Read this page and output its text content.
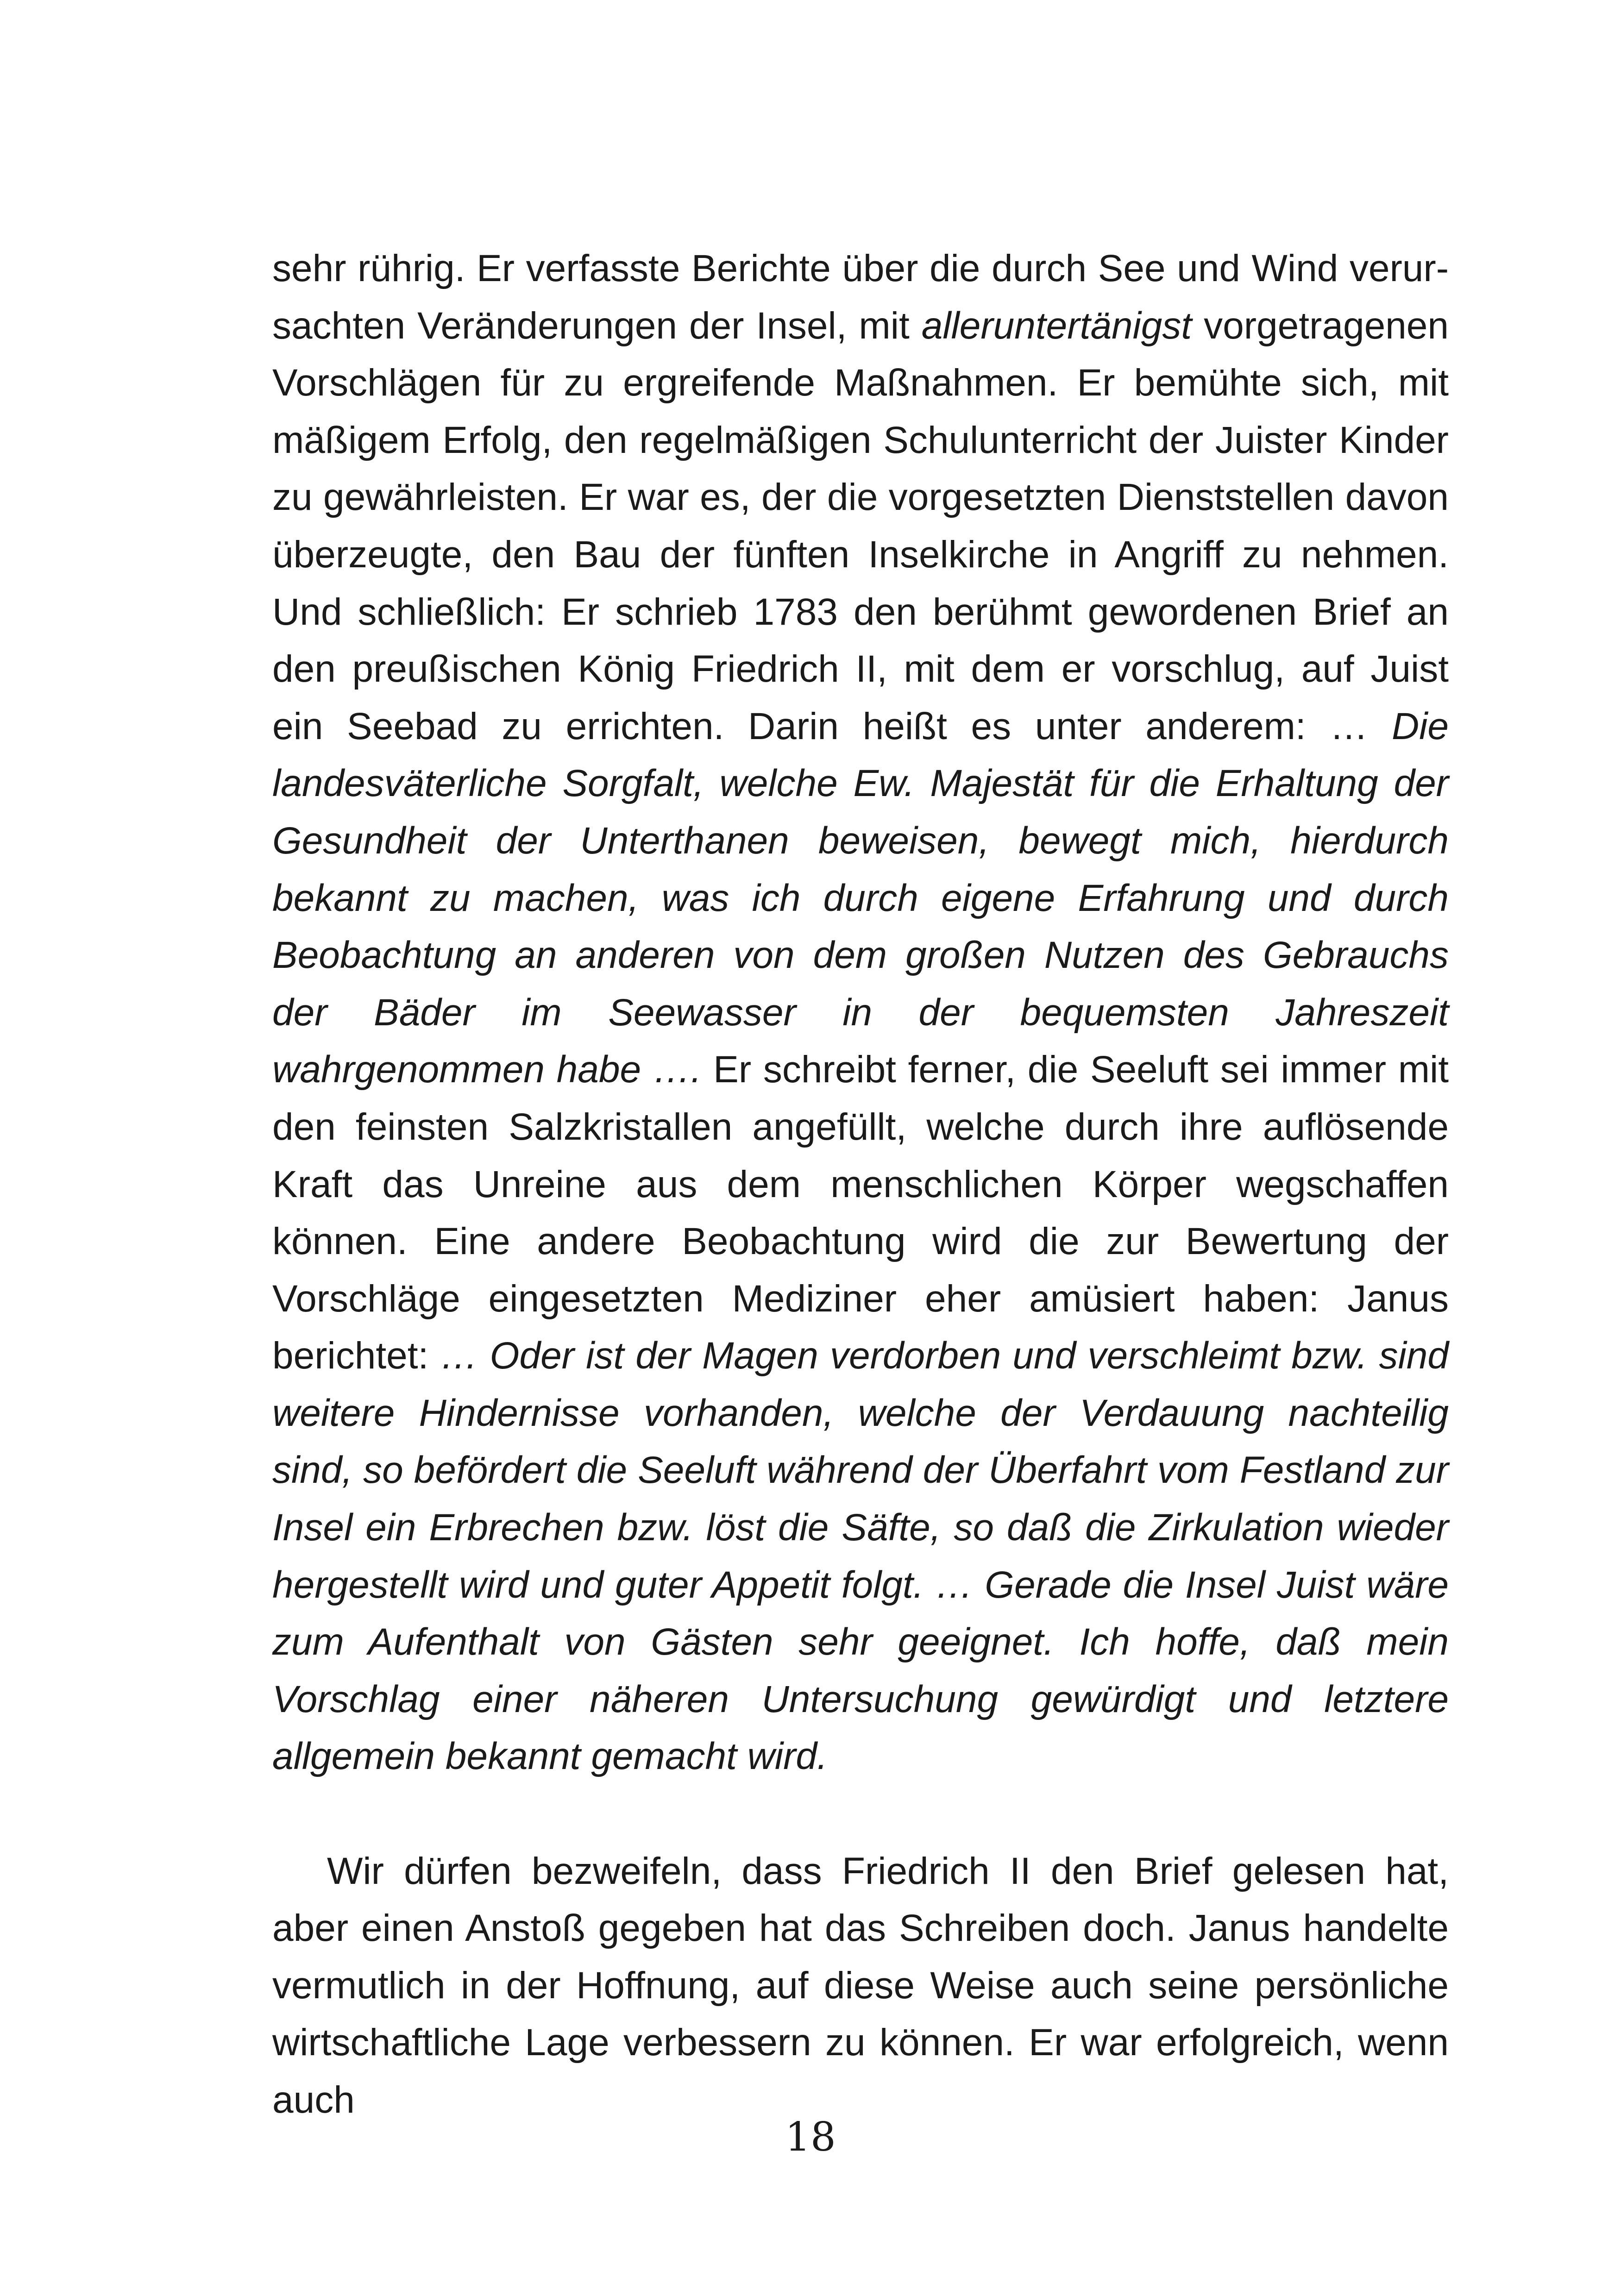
sehr rührig. Er verfasste Berichte über die durch See und Wind verursachten Veränderungen der Insel, mit alleruntertänigst vorgetragenen Vorschlägen für zu ergreifende Maßnahmen. Er bemühte sich, mit mäßigem Erfolg, den regelmäßigen Schulunterricht der Juister Kinder zu gewährleisten. Er war es, der die vorgesetzten Dienststellen davon überzeugte, den Bau der fünften Inselkirche in Angriff zu nehmen. Und schließlich: Er schrieb 1783 den berühmt gewordenen Brief an den preußischen König Friedrich II, mit dem er vorschlug, auf Juist ein Seebad zu errichten. Darin heißt es unter anderem: … Die landesväterliche Sorgfalt, welche Ew. Majestät für die Erhaltung der Gesundheit der Unterthanen beweisen, bewegt mich, hierdurch bekannt zu machen, was ich durch eigene Erfahrung und durch Beobachtung an anderen von dem großen Nutzen des Gebrauchs der Bäder im Seewasser in der bequemsten Jahreszeit wahrgenommen habe …. Er schreibt ferner, die Seeluft sei immer mit den feinsten Salzkristallen angefüllt, welche durch ihre auflösende Kraft das Unreine aus dem menschlichen Körper wegschaffen können. Eine andere Beobachtung wird die zur Bewertung der Vorschläge eingesetzten Mediziner eher amüsiert haben: Janus berichtet: … Oder ist der Magen verdorben und verschleimt bzw. sind weitere Hindernisse vorhanden, welche der Verdauung nachteilig sind, so befördert die Seeluft während der Überfahrt vom Festland zur Insel ein Erbrechen bzw. löst die Säfte, so daß die Zirkulation wieder hergestellt wird und guter Appetit folgt. … Gerade die Insel Juist wäre zum Aufenthalt von Gästen sehr geeignet. Ich hoffe, daß mein Vorschlag einer näheren Untersuchung gewürdigt und letztere allgemein bekannt gemacht wird.

Wir dürfen bezweifeln, dass Friedrich II den Brief gelesen hat, aber einen Anstoß gegeben hat das Schreiben doch. Janus handelte vermutlich in der Hoffnung, auf diese Weise auch seine persönliche wirtschaftliche Lage verbessern zu können. Er war erfolgreich, wenn auch

18
